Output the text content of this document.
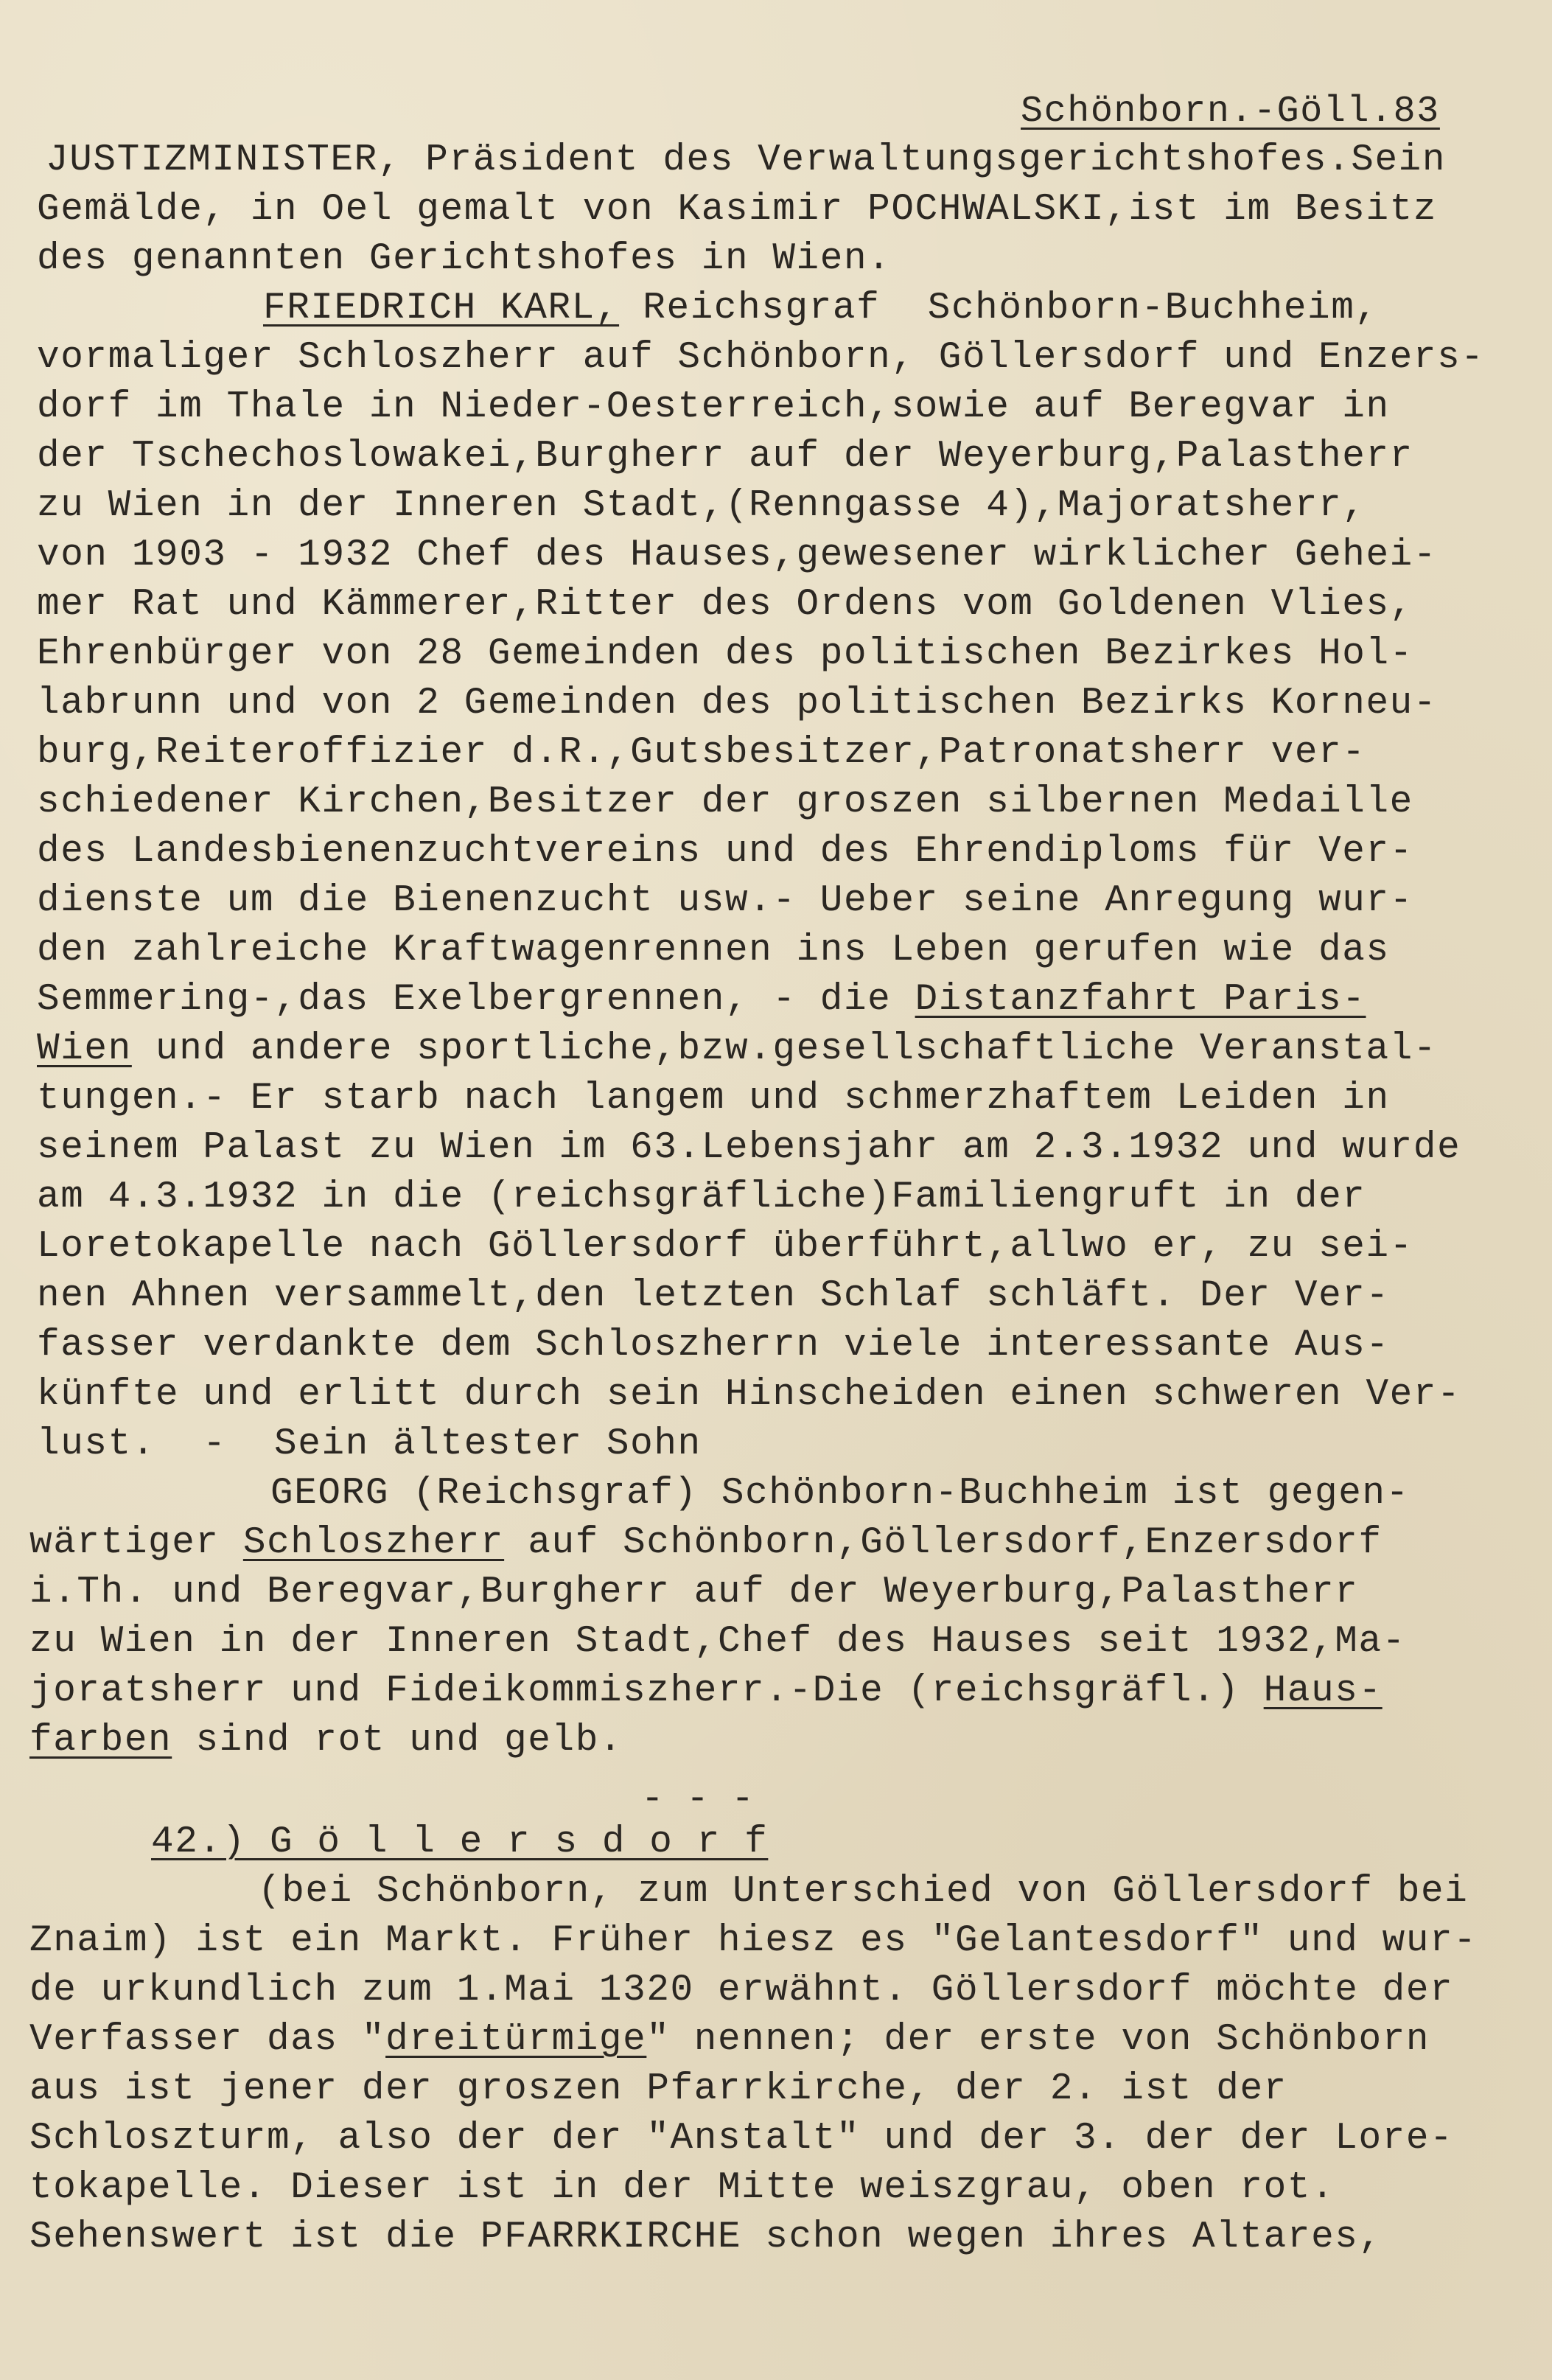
Schönborn.-Göll.83
JUSTIZMINISTER, Präsident des Verwaltungsgerichtshofes.Sein
Gemälde, in Oel gemalt von Kasimir POCHWALSKI,ist im Besitz
des genannten Gerichtshofes in Wien.
FRIEDRICH KARL, Reichsgraf  Schönborn-Buchheim,
vormaliger Schloszherr auf Schönborn, Göllersdorf und Enzers-
dorf im Thale in Nieder-Oesterreich,sowie auf Beregvar in
der Tschechoslowakei,Burgherr auf der Weyerburg,Palastherr
zu Wien in der Inneren Stadt,(Renngasse 4),Majoratsherr,
von 1903 - 1932 Chef des Hauses,gewesener wirklicher Gehei-
mer Rat und Kämmerer,Ritter des Ordens vom Goldenen Vlies,
Ehrenbürger von 28 Gemeinden des politischen Bezirkes Hol-
labrunn und von 2 Gemeinden des politischen Bezirks Korneu-
burg,Reiteroffizier d.R.,Gutsbesitzer,Patronatsherr ver-
schiedener Kirchen,Besitzer der groszen silbernen Medaille
des Landesbienenzuchtvereins und des Ehrendiploms für Ver-
dienste um die Bienenzucht usw.- Ueber seine Anregung wur-
den zahlreiche Kraftwagenrennen ins Leben gerufen wie das
Semmering-,das Exelbergrennen, - die Distanzfahrt Paris-
Wien und andere sportliche,bzw.gesellschaftliche Veranstal-
tungen.- Er starb nach langem und schmerzhaftem Leiden in
seinem Palast zu Wien im 63.Lebensjahr am 2.3.1932 und wurde
am 4.3.1932 in die (reichsgräfliche)Familiengruft in der
Loretokapelle nach Göllersdorf überführt,allwo er, zu sei-
nen Ahnen versammelt,den letzten Schlaf schläft. Der Ver-
fasser verdankte dem Schloszherrn viele interessante Aus-
künfte und erlitt durch sein Hinscheiden einen schweren Ver-
lust.  -  Sein ältester Sohn
GEORG (Reichsgraf) Schönborn-Buchheim ist gegen-
wärtiger Schloszherr auf Schönborn,Göllersdorf,Enzersdorf
i.Th. und Beregvar,Burgherr auf der Weyerburg,Palastherr
zu Wien in der Inneren Stadt,Chef des Hauses seit 1932,Ma-
joratsherr und Fideikommiszherr.-Die (reichsgräfl.) Haus-
farben sind rot und gelb.
- - -
42.) G ö l l e r s d o r f
(bei Schönborn, zum Unterschied von Göllersdorf bei
Znaim) ist ein Markt. Früher hiesz es "Gelantesdorf" und wur-
de urkundlich zum 1.Mai 1320 erwähnt. Göllersdorf möchte der
Verfasser das "dreitürmige" nennen; der erste von Schönborn
aus ist jener der groszen Pfarrkirche, der 2. ist der
Schloszturm, also der der "Anstalt" und der 3. der der Lore-
tokapelle. Dieser ist in der Mitte weiszgrau, oben rot.
Sehenswert ist die PFARRKIRCHE schon wegen ihres Altares,
